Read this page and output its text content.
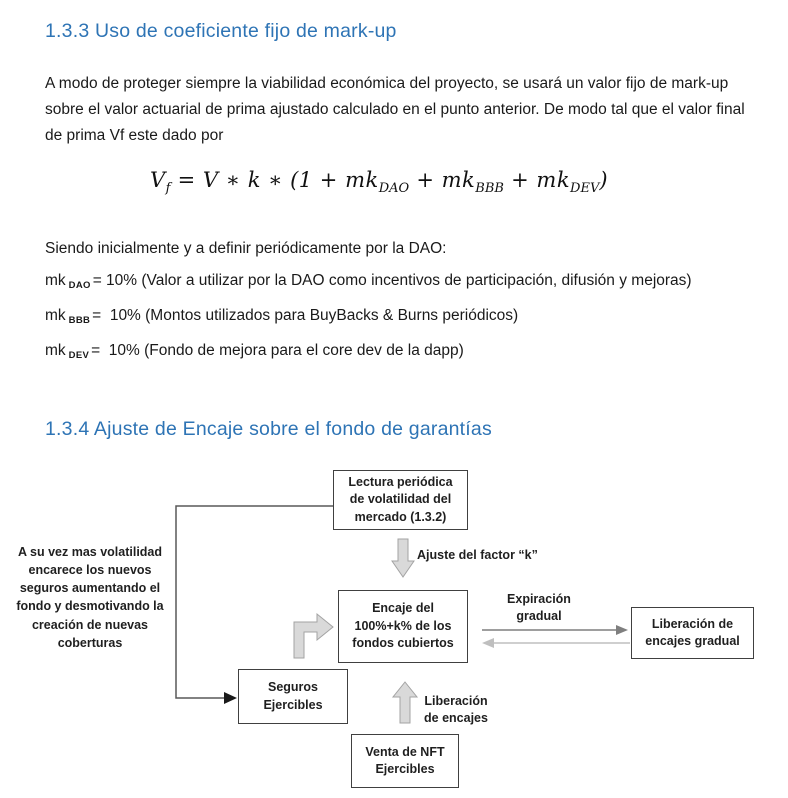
1.3.3 Uso de coeficiente fijo de mark-up

A modo de proteger siempre la viabilidad económica del proyecto, se usará un valor fijo de mark-up sobre el valor actuarial de prima ajustado calculado en el punto anterior. De modo tal que el valor final de prima Vf este dado por

$V_f = V$ ∗ k ∗ $(1 + mk_{DAO} + mk_{BBB} + mk_{DEV})$
Siendo inicialmente y a definir periódicamente por la DAO:
mk DAO = 10% (Valor a utilizar por la DAO como incentivos de participación, difusión y mejoras)
mk BBB =  10% (Montos utilizados para BuyBacks & Burns periódicos)
mk DEV =  10% (Fondo de mejora para el core dev de la dapp)
1.3.4 Ajuste de Encaje sobre el fondo de garantías
A su vez mas volatilidad encarece los nuevos seguros aumentando el fondo y desmotivando la creación de nuevas coberturas
Lectura periódica de volatilidad del mercado (1.3.2)
Ajuste del factor “k”
Encaje del 100%+k% de los fondos cubiertos
Expiración gradual
Liberación de encajes gradual
Seguros Ejercibles	Liberación de encajes
Venta de NFT Ejercibles
